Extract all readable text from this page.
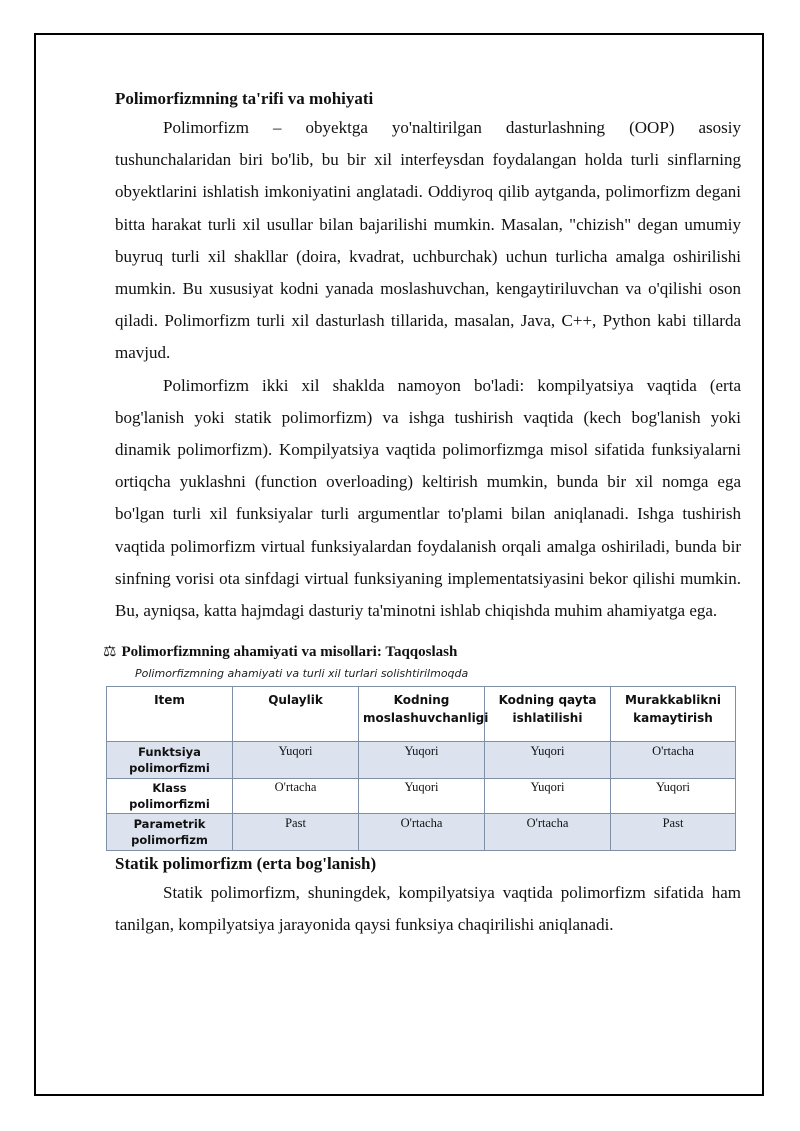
Polimorfizmning ta'rifi va mohiyati

Polimorfizm – obyektga yo'naltirilgan dasturlashning (OOP) asosiy tushunchalaridan biri bo'lib, bu bir xil interfeysdan foydalangan holda turli sinflarning obyektlarini ishlatish imkoniyatini anglatadi. Oddiyroq qilib aytganda, polimorfizm degani bitta harakat turli xil usullar bilan bajarilishi mumkin. Masalan, "chizish" degan umumiy buyruq turli xil shakllar (doira, kvadrat, uchburchak) uchun turlicha amalga oshirilishi mumkin. Bu xususiyat kodni yanada moslashuvchan, kengaytiriluvchan va o'qilishi oson qiladi. Polimorfizm turli xil dasturlash tillarida, masalan, Java, C++, Python kabi tillarda mavjud.

Polimorfizm ikki xil shaklda namoyon bo'ladi: kompilyatsiya vaqtida (erta bog'lanish yoki statik polimorfizm) va ishga tushirish vaqtida (kech bog'lanish yoki dinamik polimorfizm). Kompilyatsiya vaqtida polimorfizmga misol sifatida funksiyalarni ortiqcha yuklashni (function overloading) keltirish mumkin, bunda bir xil nomga ega bo'lgan turli xil funksiyalar turli argumentlar to'plami bilan aniqlanadi. Ishga tushirish vaqtida polimorfizm virtual funksiyalardan foydalanish orqali amalga oshiriladi, bunda bir sinfning vorisi ota sinfdagi virtual funksiyaning implementatsiyasini bekor qilishi mumkin. Bu, ayniqsa, katta hajmdagi dasturiy ta'minotni ishlab chiqishda muhim ahamiyatga ega.

⚖ Polimorfizmning ahamiyati va misollari: Taqqoslash
Polimorfizmning ahamiyati va turli xil turlari solishtirilmoqda
Item	Qulaylik	Kodning moslashuvchanligi	Kodning qayta ishlatilishi	Murakkablikni kamaytirish
Funktsiya polimorfizmi	Yuqori	Yuqori	Yuqori	O'rtacha
Klass polimorfizmi	O'rtacha	Yuqori	Yuqori	Yuqori
Parametrik polimorfizm	Past	O'rtacha	O'rtacha	Past
Statik polimorfizm (erta bog'lanish)

Statik polimorfizm, shuningdek, kompilyatsiya vaqtida polimorfizm sifatida ham tanilgan, kompilyatsiya jarayonida qaysi funksiya chaqirilishi aniqlanadi.
